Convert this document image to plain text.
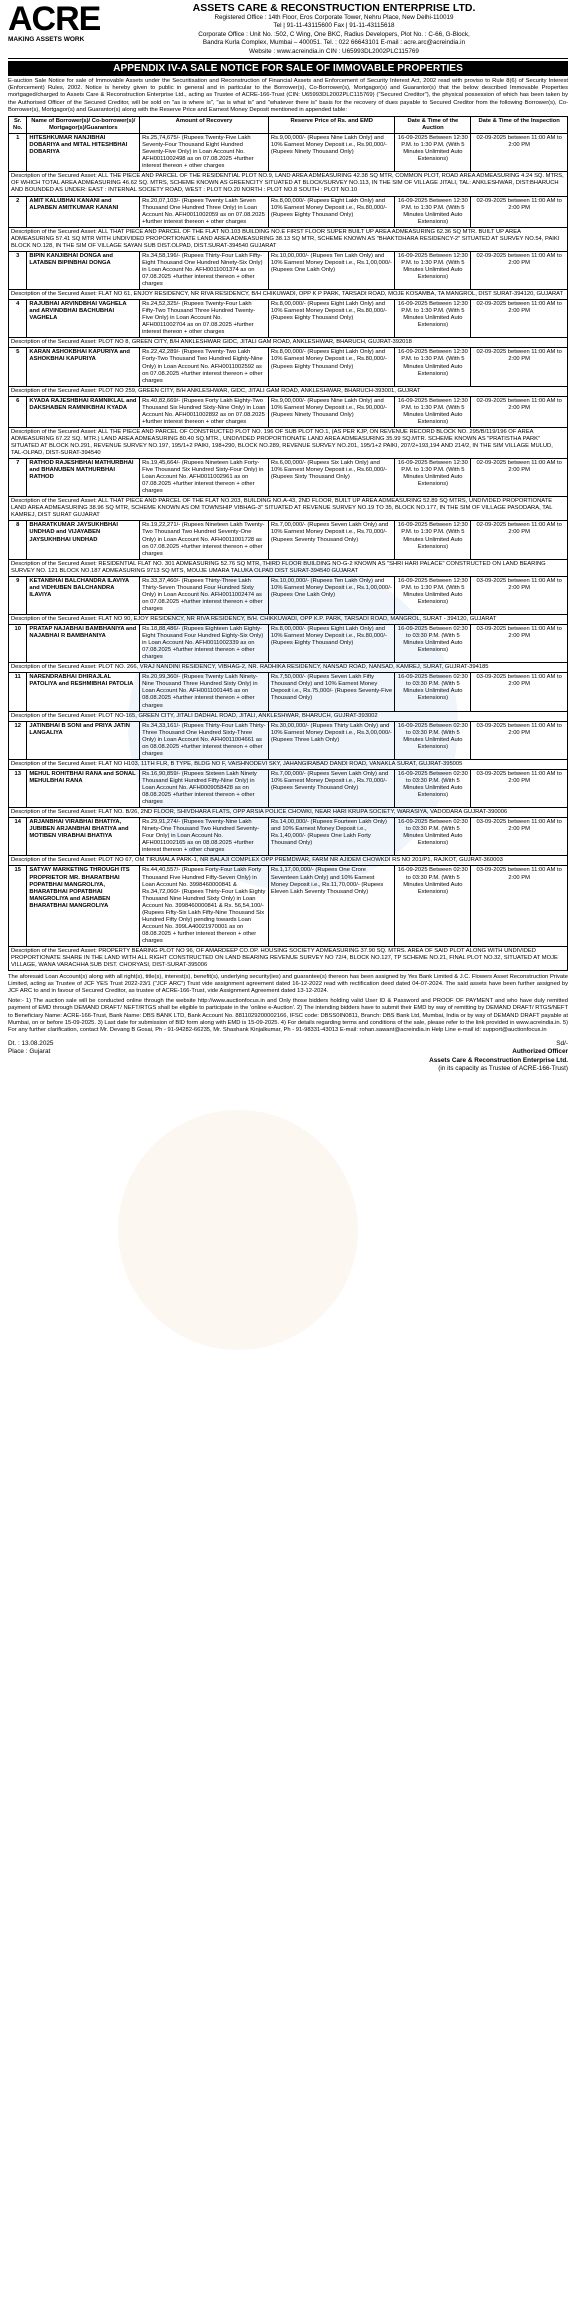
ACRE
MAKING ASSETS WORK
ASSETS CARE & RECONSTRUCTION ENTERPRISE LTD.
Registered Office : 14th Floor, Eros Corporate Tower, Nehru Place, New Delhi-110019
Tel | 91-11-43115600 Fax | 91-11-43115618
Corporate Office : Unit No. :502, C Wing, One BKC, Radius Developers, Plot No. : C-66, G-Block,
Bandra Kurla Complex, Mumbai – 400051. Tel. : 022 66643101 E-mail : acre.arc@acreindia.in
Website : www.acreindia.in CIN : U65993DL2002PLC115769
APPENDIX IV-A SALE NOTICE FOR SALE OF IMMOVABLE PROPERTIES
E-auction Sale Notice for sale of Immovable Assets under the Securitisation and Reconstruction of Financial Assets and Enforcement of Security Interest Act, 2002 read with proviso to Rule 8(6) of Security Interest (Enforcement) Rules, 2002. Notice is hereby given to public in general and in particular to the Borrower(s), Co-Borrower(s), Mortgagor(s) and Guarantor(s) that the below described Immovable Properties mortgaged/charged to Assets Care & Reconstruction Enterprise Ltd., acting as Trustee of ACRE-166-Trust (CIN: U65993DL2002PLC115769) ("Secured Creditor"), the physical possession of which has been taken by the Authorised Officer of the Secured Creditor, will be sold on "as is where is", "as is what is" and "whatever there is" basis for the recovery of dues payable to Secured Creditor from the following Borrower(s), Co-Borrower(s), Mortgagor(s) and Guarantor(s) along with the Reserve Price and Earnest Money Deposit mentioned in appended table:
Sr. No.	Name of Borrower(s)/ Co-borrower(s)/ Mortgagor(s)/Guarantors	Amount of Recovery	Reserve Price of Rs. and EMD	Date & Time of the Auction	Date & Time of the Inspection
1	HITESHKUMAR NANJIBHAI DOBARIYA and MITAL HITESHBHAI DOBARIYA	Rs.25,74,675/- (Rupees Twenty-Five Lakh Seventy-Four Thousand Eight Hundred Seventy-Five Only) in Loan Account No. AFH0011002498 as on 07.08.2025 +further interest thereon + other charges	Rs.9,00,000/- (Rupees Nine Lakh Only) and 10% Earnest Money Deposit i.e., Rs.90,000/- (Rupees Ninety Thousand Only)	16-09-2025 Between 12:30 P.M. to 1:30 P.M. (With 5 Minutes Unlimited Auto Extensions)	02-09-2025 between 11:00 AM to 2:00 PM
Description of the Secured Asset: ALL THE PIECE AND PARCEL OF THE RESIDENTIAL PLOT NO.9, LAND AREA ADMEASURING 42.38 SQ MTR, COMMON PLOT, ROAD AREA ADMEASURING 4.24 SQ. MTRS, OF WHICH TOTAL AREA ADMEASURING 46.62 SQ. MTRS, SCHEME KNOWN AS GREENCITY SITUATED AT BLOCK/SURVEY NO.113, IN THE SIM OF VILLAGE JITALI, TAL: ANKLESHWAR, DIST:BHARUCH AND BOUNDED AS UNDER: EAST : INTERNAL SOCIETY ROAD, WEST : PLOT NO.20 NORTH : PLOT NO.8 SOUTH : PLOT NO.10					
2	AMIT KALUBHAI KANANI and ALPABEN AMITKUMAR KANANI	Rs.20,07,103/- (Rupees Twenty Lakh Seven Thousand One Hundred Three Only) in Loan Account No. AFH0011002059 as on 07.08.2025 +further interest thereon + other charges	Rs.8,00,000/- (Rupees Eight Lakh Only) and 10% Earnest Money Deposit i.e., Rs.80,000/- (Rupees Eighty Thousand Only)	16-09-2025 Between 12:30 P.M. to 1:30 P.M. (With 5 Minutes Unlimited Auto Extensions)	02-09-2025 between 11:00 AM to 2:00 PM
Description of the Secured Asset: ALL THAT PIECE AND PARCEL OF THE FLAT NO.103 BUILDING NO.E FIRST FLOOR SUPER BUILT UP AREA ADMEASURING 62.36 SQ MTR. BUILT UP AREA ADMEASURING 57.41 SQ MTR WITH UNDIVIDED PROPORTIONATE LAND AREA ADMEASURING 38.13 SQ MTR, SCHEME KNOWN AS "BHAKTDHARA RESIDENCY-2" SITUATED AT SURVEY NO.54, PAIKI BLOCK NO.128, IN THE SIM OF VILLAGE SAYAN SUB DIST.OLPAD, DIST.SURAT-394540 GUJARAT					
3	BIPIN KANJIBHAI DONGA and LATABEN BIPINBHAI DONGA	Rs.34,58,196/- (Rupees Thirty-Four Lakh Fifty-Eight Thousand One Hundred Ninety-Six Only) in Loan Account No. AFH0011001374 as on 07.08.2025 +further interest thereon + other charges	Rs.10,00,000/- (Rupees Ten Lakh Only) and 10% Earnest Money Deposit i.e., Rs.1,00,000/- (Rupees One Lakh Only)	16-09-2025 Between 12:30 P.M. to 1:30 P.M. (With 5 Minutes Unlimited Auto Extensions)	02-09-2025 between 11:00 AM to 2:00 PM
Description of the Secured Asset: FLAT NO 61, ENJOY RESIDENCY, NR RIVA RESIDENCY, B/H CHIKUWADI, OPP K P PARK, TARSADI ROAD, MOJE KOSAMBA, TA MANGROL, DIST SURAT-394120, GUJARAT					
4	RAJUBHAI ARVINDBHAI VAGHELA and ARVINDBHAI BACHUBHAI VAGHELA	Rs.24,52,325/- (Rupees Twenty-Four Lakh Fifty-Two Thousand Three Hundred Twenty-Five Only) in Loan Account No. AFH0011002704 as on 07.08.2025 +further interest thereon + other charges	Rs.8,00,000/- (Rupees Eight Lakh Only) and 10% Earnest Money Deposit i.e., Rs.80,000/- (Rupees Eighty Thousand Only)	16-09-2025 Between 12:30 P.M. to 1:30 P.M. (With 5 Minutes Unlimited Auto Extensions)	02-09-2025 between 11:00 AM to 2:00 PM
Description of the Secured Asset: PLOT NO 8, GREEN CITY, B/H ANKLESHWAR GIDC, JITALI GAM ROAD, ANKLESHWAR, BHARUCH, GUJRAT-392018					
5	KARAN ASHOKBHAI KAPURIYA and ASHOKBHAI KAPURIYA	Rs.22,42,289/- (Rupees Twenty-Two Lakh Forty-Two Thousand Two Hundred Eighty-Nine Only) in Loan Account No. AFH0011002592 as on 07.08.2025 +further interest thereon + other charges	Rs.8,00,000/- (Rupees Eight Lakh Only) and 10% Earnest Money Deposit i.e., Rs.80,000/- (Rupees Eighty Thousand Only)	16-09-2025 Between 12:30 P.M. to 1:30 P.M. (With 5 Minutes Unlimited Auto Extensions)	02-09-2025 between 11:00 AM to 2:00 PM
Description of the Secured Asset: PLOT NO 259, GREEN CITY, B/H ANKLESHWAR, GIDC, JITALI GAM ROAD, ANKLESHWAR, BHARUCH-393001, GUJRAT					
6	KYADA RAJESHBHAI RAMNIKLAL and DAKSHABEN RAMNIKBHAI KYADA	Rs.40,82,669/- (Rupees Forty Lakh Eighty-Two Thousand Six Hundred Sixty-Nine Only) in Loan Account No. AFH0011002892 as on 07.08.2025 +further interest thereon + other charges	Rs.9,00,000/- (Rupees Nine Lakh Only) and 10% Earnest Money Deposit i.e., Rs.90,000/- (Rupees Ninety Thousand Only)	16-09-2025 Between 12:30 P.M. to 1:30 P.M. (With 5 Minutes Unlimited Auto Extensions)	02-09-2025 between 11:00 AM to 2:00 PM
Description of the Secured Asset: ALL THE PIECE AND PARCEL OF CONSTRUCTED PLOT NO. 196 OF SUB PLOT NO.1, (AS PER KJP, ON REVENUE RECORD BLOCK NO. 295/B/119/196 OF AREA ADMEASURING 67.22 SQ. MTR.) LAND AREA ADMEASURING 80.40 SQ.MTR., UNDIVIDED PROPORTIONATE LAND AREA ADMEASURING 35.99 SQ.MTR. SCHEME KNOWN AS "PRATISTHA PARK" SITUATED AT BLOCK NO.291, REVENUE SURVEY NO.197, 195/1+2 PAIKI, 198+290, BLOCK NO.289, REVENUE SURVEY NO.201, 195/1+2 PAIKI, 207/2+193,194 AND 214/2, IN THE SIM VILLAGE MULUD, TAL-OLPAD, DIST-SURAT-394540					
7	RATHOD RAJESHBHAI MATHURBHAI and BHANUBEN MATHURBHAI RATHOD	Rs.19,45,664/- (Rupees Nineteen Lakh Forty-Five Thousand Six Hundred Sixty-Four Only) in Loan Account No. AFH0011002961 as on 07.08.2025 +further interest thereon + other charges	Rs.6,00,000/- (Rupees Six Lakh Only) and 10% Earnest Money Deposit i.e., Rs.60,000/- (Rupees Sixty Thousand Only)	16-09-2025 Between 12:30 P.M. to 1:30 P.M. (With 5 Minutes Unlimited Auto Extensions)	02-09-2025 between 11:00 AM to 2:00 PM
Description of the Secured Asset: ALL THAT PIECE AND PARCEL OF THE FLAT NO.203, BUILDING NO.A-43, 2ND FLOOR, BUILT UP AREA ADMEASURING 52.89 SQ MTRS, UNDIVIDED PROPORTIONATE LAND AREA ADMEASURING 38.96 SQ MTR, SCHEME KNOWN AS OM TOWNSHIP VIBHAG-3" SITUATED AT REVENUE SURVEY NO.19 TO 35, BLOCK NO.177, IN THE SIM OF VILLAGE PASODARA, TAL KAMREJ, DIST SURAT GUJARAT					
8	BHARATKUMAR JAYSUKHBHAI UNDHAD and VIJAYABEN JAYSUKHBHAI UNDHAD	Rs.19,22,271/- (Rupees Nineteen Lakh Twenty-Two Thousand Two Hundred Seventy-One Only) in Loan Account No. AFH0011001728 as on 07.08.2025 +further interest thereon + other charges	Rs.7,00,000/- (Rupees Seven Lakh Only) and 10% Earnest Money Deposit i.e., Rs.70,000/- (Rupees Seventy Thousand Only)	16-09-2025 Between 12:30 P.M. to 1:30 P.M. (With 5 Minutes Unlimited Auto Extensions)	02-09-2025 between 11:00 AM to 2:00 PM
Description of the Secured Asset: RESIDENTIAL FLAT NO. 301 ADMEASURING 52.76 SQ MTR, THIRD FLOOR BUILDING NO-G-2 KNOWN AS "SHRI HARI PALACE" CONSTRUCTED ON LAND BEARING SURVEY NO. 121 BLOCK NO.187 ADMEASURING 9713 SQ MTS, MOUJE UMARA TALUKA OLPAD DIST SURAT-394540 GUJARAT					
9	KETANBHAI BALCHANDRA ILAVIYA and VIDHUBEN BALCHANDRA ILAVIYA	Rs.33,37,460/- (Rupees Thirty-Three Lakh Thirty-Seven Thousand Four Hundred Sixty Only) in Loan Account No. AFH0011002474 as on 07.08.2025 +further interest thereon + other charges	Rs.10,00,000/- (Rupees Ten Lakh Only) and 10% Earnest Money Deposit i.e., Rs.1,00,000/- (Rupees One Lakh Only)	16-09-2025 Between 12:30 P.M. to 1:30 P.M. (With 5 Minutes Unlimited Auto Extensions)	03-09-2025 between 11:00 AM to 2:00 PM
Description of the Secured Asset: FLAT NO 90, EJOY RESIDENCY, NR RIVA RESIDENCY, B/H. CHIKKUWADI, OPP K.P. PARK, TARSADI ROAD, MANGROL, SURAT - 394120, GUJARAT					
10	PRATAP NAJABHAI BAMBHANIYA and NAJABHAI R BAMBHANIYA	Rs.18,88,486/- (Rupees Eighteen Lakh Eighty-Eight Thousand Four Hundred Eighty-Six Only) in Loan Account No. AFH0011002339 as on 07.08.2025 +further interest thereon + other charges	Rs.8,00,000/- (Rupees Eight Lakh Only) and 10% Earnest Money Deposit i.e., Rs.80,000/- (Rupees Eighty Thousand Only)	16-09-2025 Between 02:30 to 03:30 P.M. (With 5 Minutes Unlimited Auto Extensions)	03-09-2025 between 11:00 AM to 2:00 PM
Description of the Secured Asset: PLOT NO. 266, VRAJ NANDINI RESIDENCY, VIBHAG-2, NR. RADHIKA RESIDENCY, NANSAD ROAD, NANSAD, KAMREJ, SURAT, GUJRAT-394185					
11	NARENDRABHAI DHIRAJLAL PATOLIYA and RESHMIBHAI PATOLIA	Rs.20,99,360/- (Rupees Twenty Lakh Ninety-Nine Thousand Three Hundred Sixty Only) in Loan Account No. AFH0011001445 as on 08.08.2025 +further interest thereon + other charges	Rs.7,50,000/- (Rupees Seven Lakh Fifty Thousand Only) and 10% Earnest Money Deposit i.e., Rs.75,000/- (Rupees Seventy-Five Thousand Only)	16-09-2025 Between 02:30 to 03:30 P.M. (With 5 Minutes Unlimited Auto Extensions)	03-09-2025 between 11:00 AM to 2:00 PM
Description of the Secured Asset: PLOT NO-165, GREEN CITY, JITALI DADHAL ROAD, JITALI, ANKLESHWAR, BHARUCH, GUJRAT-393002					
12	JATINBHAI B SONI and PRIYA JATIN LANGALIYA	Rs.34,33,161/- (Rupees Thirty-Four Lakh Thirty-Three Thousand One Hundred Sixty-Three Only) in Loan Account No. AFH0011004661 as on 08.08.2025 +further interest thereon + other charges	Rs.30,00,000/- (Rupees Thirty Lakh Only) and 10% Earnest Money Deposit i.e., Rs.3,00,000/- (Rupees Three Lakh Only)	16-09-2025 Between 02:30 to 03:30 P.M. (With 5 Minutes Unlimited Auto Extensions)	03-09-2025 between 11:00 AM to 2:00 PM
Description of the Secured Asset: FLAT NO H103, 11TH FLR, B TYPE, BLDG NO F, VAISHNODEVI SKY, JAHANGIRABAD DANDI ROAD, VANAKLA SURAT, GUJRAT-395005					
13	MEHUL ROHITBHAI RANA and SONAL MEHULBHAI RANA	Rs.16,90,859/- (Rupees Sixteen Lakh Ninety Thousand Eight Hundred Fifty-Nine Only) in Loan Account No. AFH0009058428 as on 08.08.2025 +further interest thereon + other charges	Rs.7,00,000/- (Rupees Seven Lakh Only) and 10% Earnest Money Deposit i.e., Rs.70,000/- (Rupees Seventy Thousand Only)	16-09-2025 Between 02:30 to 03:30 P.M. (With 5 Minutes Unlimited Auto Extensions)	03-09-2025 between 11:00 AM to 2:00 PM
Description of the Secured Asset: FLAT NO. B/26, 2ND FLOOR, SHIVDHARA FLATS, OPP ARSIA POLICE CHOWKI, NEAR HARI KRUPA SOCIETY, WARASIYA, VADODARA GUJRAT-390006					
14	ARJANBHAI VIRABHAI BHATIYA, JUBIBEN ARJANBHAI BHATIYA and MOTIBEN VIRABHAI BHATIYA	Rs.29,91,274/- (Rupees Twenty-Nine Lakh Ninety-One Thousand Two Hundred Seventy-Four Only) in Loan Account No. AFH0011002165 as on 08.08.2025 +further interest thereon + other charges	Rs.14,00,000/- (Rupees Fourteen Lakh Only) and 10% Earnest Money Deposit i.e., Rs.1,40,000/- (Rupees One Lakh Forty Thousand Only)	16-09-2025 Between 02:30 to 03:30 P.M. (With 5 Minutes Unlimited Auto Extensions)	03-09-2025 between 11:00 AM to 2:00 PM
Description of the Secured Asset: PLOT NO 67, OM TIRUMALA PARK-1, NR BALAJI COMPLEX OPP PREMDWAR, FARM NR AJIDEM CHOWKDI RS NO 201/P1, RAJKOT, GUJRAT-360003					
15	SATYAY MARKETING THROUGH ITS PROPRIETOR MR. BHARATBHAI POPATBHAI MANGROLIYA, BHARATBHAI POPATBHAI MANGROLIYA and ASHABEN BHARATBHAI MANGROLIYA	Rs.44,40,557/- (Rupees Forty-Four Lakh Forty Thousand Five Hundred Fifty-Seven Only) in Loan Account No. 3998460000841 & Rs.34,72,060/- (Rupees Thirty-Four Lakh Eighty Thousand Nine Hundred Sixty Only) in Loan Account No. 3998460000841 & Rs. 56,54,100/- (Rupees Fifty-Six Lakh Fifty-Nine Thousand Six Hundred Fifty Only) pending towards Loan Account No. 399LA40021970001 as on 08.08.2025 + further interest thereon + other charges	Rs.1,17,00,000/- (Rupees One Crore Seventeen Lakh Only) and 10% Earnest Money Deposit i.e., Rs.11,70,000/- (Rupees Eleven Lakh Seventy Thousand Only)	16-09-2025 Between 02:30 to 03:30 P.M. (With 5 Minutes Unlimited Auto Extensions)	03-09-2025 between 11:00 AM to 2:00 PM
Description of the Secured Asset: PROPERTY BEARING PLOT NO 96, OF AMARDEEP CO.OP. HOUSING SOCIETY ADMEASURING 37.90 SQ. MTRS. AREA OF SAID PLOT ALONG WITH UNDIVIDED PROPORTIONATE SHARE IN THE LAND WITH ALL RIGHT CONSTRUCTED ON LAND BEARING REVENUE SURVEY NO 72/4, BLOCK NO.127, TP SCHEME NO.21, FINAL PLOT NO.32, SITUATED AT MOJE VILLAGE, WANA VARACHHA SUB DIST. CHORYASI, DIST-SURAT-395006					
The aforesaid Loan Account(s) along with all right(s), title(s), interest(s), benefit(s), underlying security(ies) and guarantee(s) thereon has been assigned by Yes Bank Limited & J.C. Flowers Asset Reconstruction Private Limited, acting as Trustee of JCF YES Trust 2022-23/1 ("JCF ARC") Trust vide assignment agreement dated 16-12-2022 read with rectification deed dated 04-07-2024. The said assets have been further assigned by JCF ARC to and in favour of Secured Creditor, as trustee of ACRE-166-Trust, vide Assignment Agreement dated 13-12-2024.
Note:- 1) The auction sale will be conducted online through the website http://www.auctionfocus.in and Only those bidders holding valid User ID & Password and PROOF OF PAYMENT and who have duly remitted payment of EMD through DEMAND DRAFT/ NEFT/RTGS shall be eligible to participate in the 'online e-Auction'. 2) The intending bidders have to submit their EMD by way of remitting by DEMAND DRAFT/ RTGS/NEFT to Beneficiary Name: ACRE-166-Trust, Bank Name: DBS BANK LTD, Bank Account No. 8811029200002166, IFSC code: DBSS0IN0811, Branch: DBS Bank Ltd, Mumbai, India or by way of DEMAND DRAFT payable at Mumbai, on or before 15-09-2025. 3) Last date for submission of BID form along with EMD is 15-09-2025. 4) For details regarding terms and conditions of the sale, please refer to the link provided in www.acreindia.in. 5) For any further clarification, contact Mr. Devang B Gosai, Ph - 91-94282-66235, Mr. Shashank Kinjalkumar, Ph - 91-98331-43013 E-mail: rohan.sawant@acreindia.in Help Line e-mail id: support@auctionfocus.in
Dt. : 13.08.2025
Place : Gujarat
Sd/-
Authorized Officer
Assets Care & Reconstruction Enterprise Ltd.
(in its capacity as Trustee of ACRE-166-Trust)
